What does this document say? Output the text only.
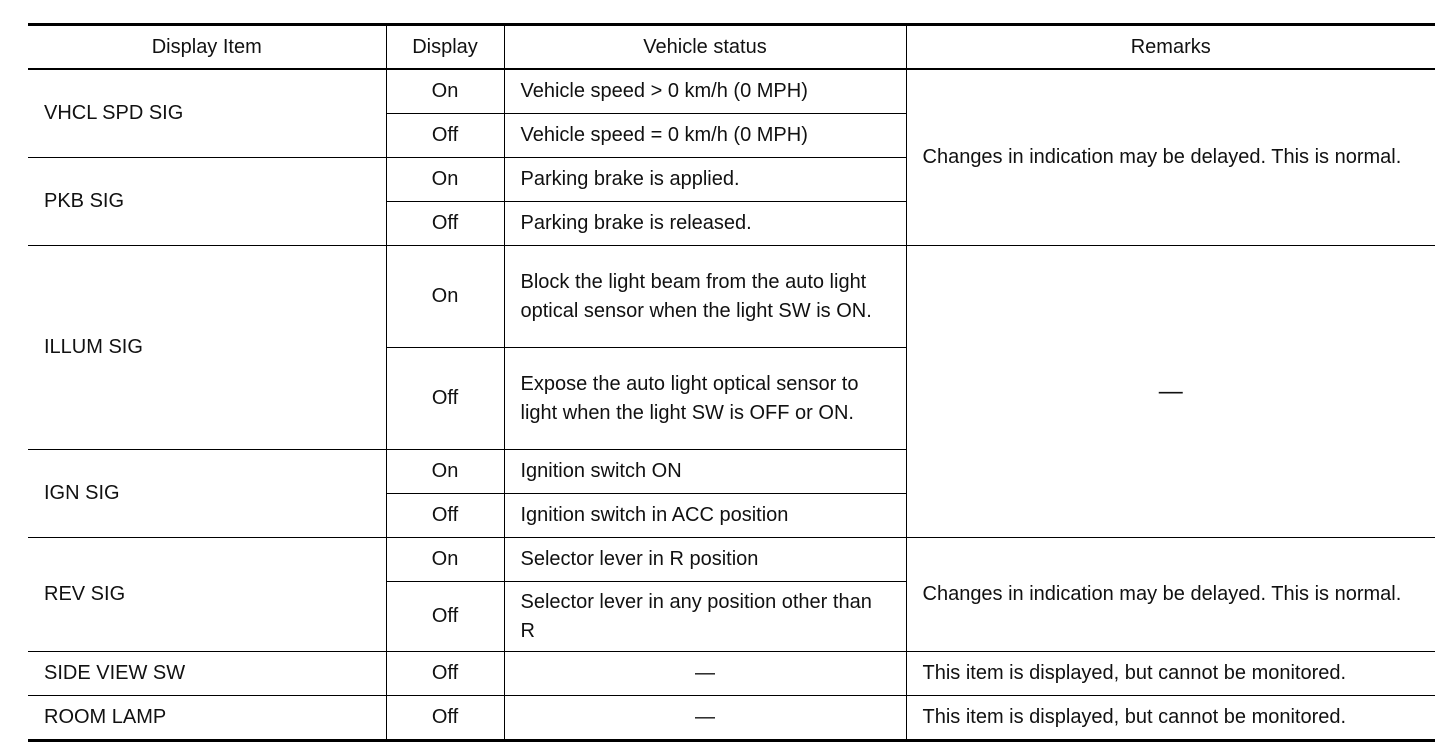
Display Item	Display	Vehicle status	Remarks
VHCL SPD SIG	On	Vehicle speed > 0 km/h (0 MPH)	Changes in indication may be delayed. This is normal.
	Off	Vehicle speed = 0 km/h (0 MPH)	
PKB SIG	On	Parking brake is applied.	
	Off	Parking brake is released.	
ILLUM SIG	On	Block the light beam from the auto light optical sensor when the light SW is ON.	—
	Off	Expose the auto light optical sensor to light when the light SW is OFF or ON.	
IGN SIG	On	Ignition switch ON	
	Off	Ignition switch in ACC position	
REV SIG	On	Selector lever in R position	Changes in indication may be delayed. This is normal.
	Off	Selector lever in any position other than R	
SIDE VIEW SW	Off	—	This item is displayed, but cannot be monitored.
ROOM LAMP	Off	—	This item is displayed, but cannot be monitored.
